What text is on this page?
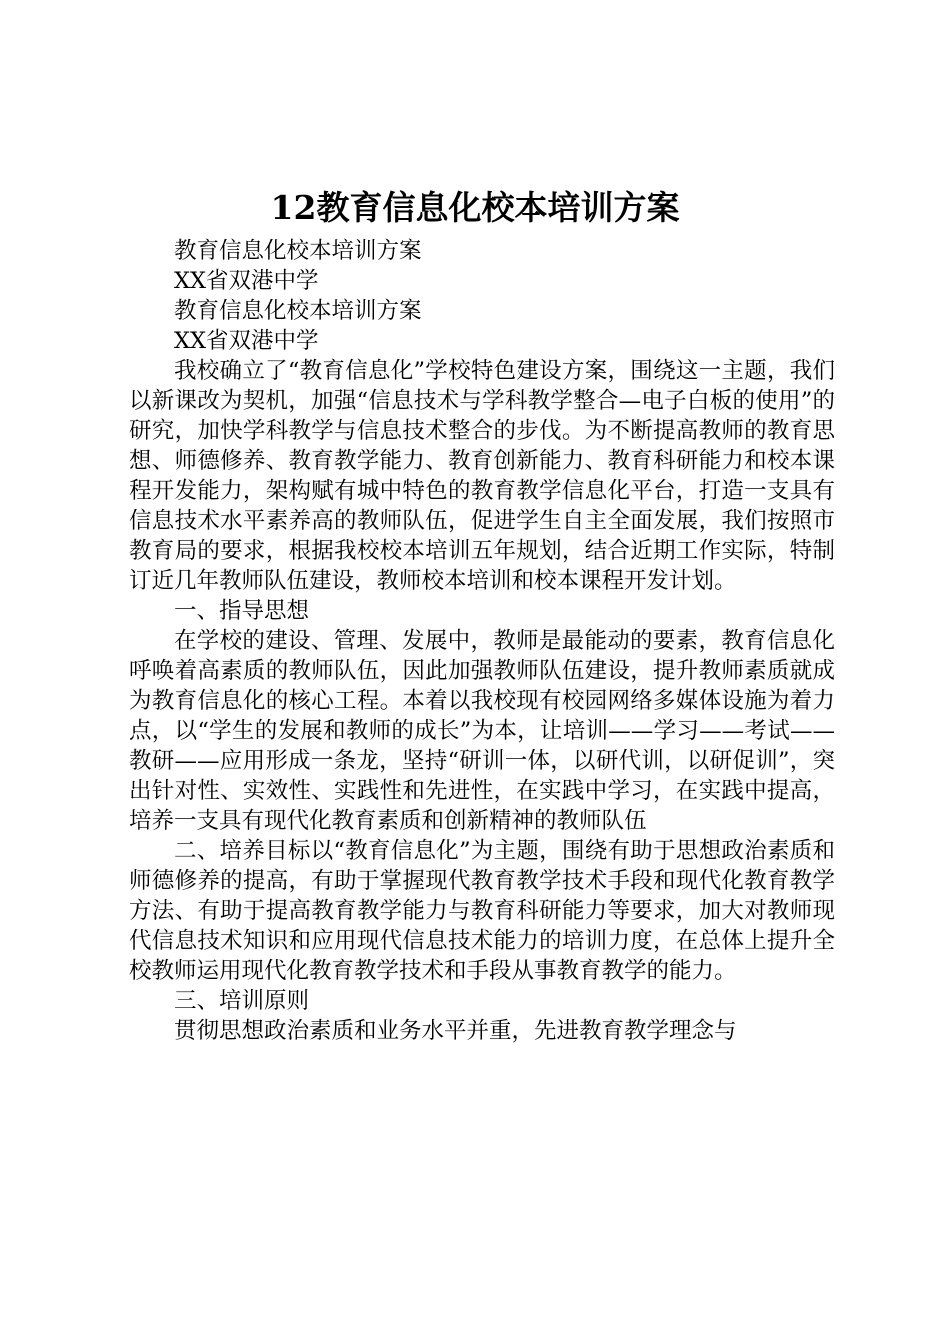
12教育信息化校本培训方案

教育信息化校本培训方案

XX省双港中学

教育信息化校本培训方案

XX省双港中学

我校确立了“教育信息化”学校特色建设方案，围绕这一主题，我们以新课改为契机，加强“信息技术与学科教学整合—电子白板的使用”的研究，加快学科教学与信息技术整合的步伐。为不断提高教师的教育思想、师德修养、教育教学能力、教育创新能力、教育科研能力和校本课程开发能力，架构赋有城中特色的教育教学信息化平台，打造一支具有信息技术水平素养高的教师队伍，促进学生自主全面发展，我们按照市教育局的要求，根据我校校本培训五年规划，结合近期工作实际，特制订近几年教师队伍建设，教师校本培训和校本课程开发计划。

一、指导思想

在学校的建设、管理、发展中，教师是最能动的要素，教育信息化呼唤着高素质的教师队伍，因此加强教师队伍建设，提升教师素质就成为教育信息化的核心工程。本着以我校现有校园网络多媒体设施为着力点，以“学生的发展和教师的成长”为本，让培训——学习——考试——教研——应用形成一条龙，坚持“研训一体，以研代训，以研促训”，突出针对性、实效性、实践性和先进性，在实践中学习，在实践中提高，培养一支具有现代化教育素质和创新精神的教师队伍

二、培养目标以“教育信息化”为主题，围绕有助于思想政治素质和师德修养的提高，有助于掌握现代教育教学技术手段和现代化教育教学方法、有助于提高教育教学能力与教育科研能力等要求，加大对教师现代信息技术知识和应用现代信息技术能力的培训力度，在总体上提升全校教师运用现代化教育教学技术和手段从事教育教学的能力。

三、培训原则

贯彻思想政治素质和业务水平并重，先进教育教学理念与
